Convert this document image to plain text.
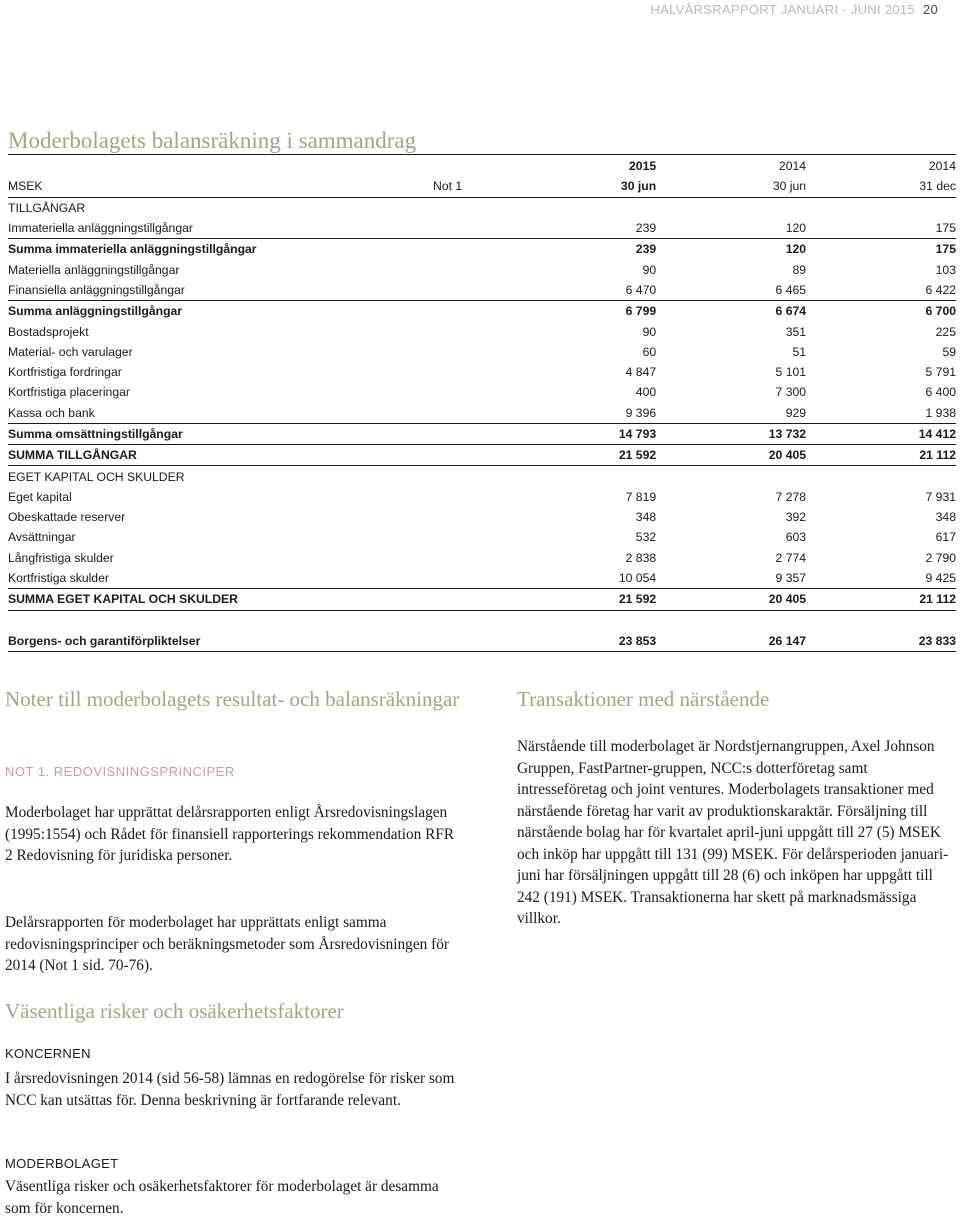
HALVÅRSRAPPORT JANUARI - JUNI 2015 20
Moderbolagets balansräkning i sammandrag
		2015	2014	2014
MSEK	Not 1	30 jun	30 jun	31 dec
TILLGÅNGAR				
Immateriella anläggningstillgångar		239	120	175
Summa immateriella anläggningstillgångar		239	120	175
Materiella anläggningstillgångar		90	89	103
Finansiella anläggningstillgångar		6 470	6 465	6 422
Summa anläggningstillgångar		6 799	6 674	6 700
Bostadsprojekt		90	351	225
Material- och varulager		60	51	59
Kortfristiga fordringar		4 847	5 101	5 791
Kortfristiga placeringar		400	7 300	6 400
Kassa och bank		9 396	929	1 938
Summa omsättningstillgångar		14 793	13 732	14 412
SUMMA TILLGÅNGAR		21 592	20 405	21 112
EGET KAPITAL OCH SKULDER				
Eget kapital		7 819	7 278	7 931
Obeskattade reserver		348	392	348
Avsättningar		532	603	617
Långfristiga skulder		2 838	2 774	2 790
Kortfristiga skulder		10 054	9 357	9 425
SUMMA EGET KAPITAL OCH SKULDER		21 592	20 405	21 112

Borgens- och garantiförpliktelser		23 853	26 147	23 833
Noter till moderbolagets resultat- och balansräkningar

NOT 1. REDOVISNINGSPRINCIPER

Moderbolaget har upprättat delårsrapporten enligt Årsredovisningslagen (1995:1554) och Rådet för finansiell rapporterings rekommendation RFR 2 Redovisning för juridiska personer.

Delårsrapporten för moderbolaget har upprättats enligt samma redovisningsprinciper och beräkningsmetoder som Årsredovisningen för 2014 (Not 1 sid. 70-76).

Väsentliga risker och osäkerhetsfaktorer

KONCERNEN

I årsredovisningen 2014 (sid 56-58) lämnas en redogörelse för risker som NCC kan utsättas för. Denna beskrivning är fortfarande relevant.

MODERBOLAGET

Väsentliga risker och osäkerhetsfaktorer för moderbolaget är desamma som för koncernen.

Transaktioner med närstående

Närstående till moderbolaget är Nordstjernangruppen, Axel Johnson Gruppen, FastPartner-gruppen, NCC:s dotterföretag samt intresseföretag och joint ventures. Moderbolagets transaktioner med närstående företag har varit av produktionskaraktär. Försäljning till närstående bolag har för kvartalet april-juni uppgått till 27 (5) MSEK och inköp har uppgått till 131 (99) MSEK. För delårsperioden januari-juni har försäljningen uppgått till 28 (6) och inköpen har uppgått till 242 (191) MSEK. Transaktionerna har skett på marknadsmässiga villkor.
